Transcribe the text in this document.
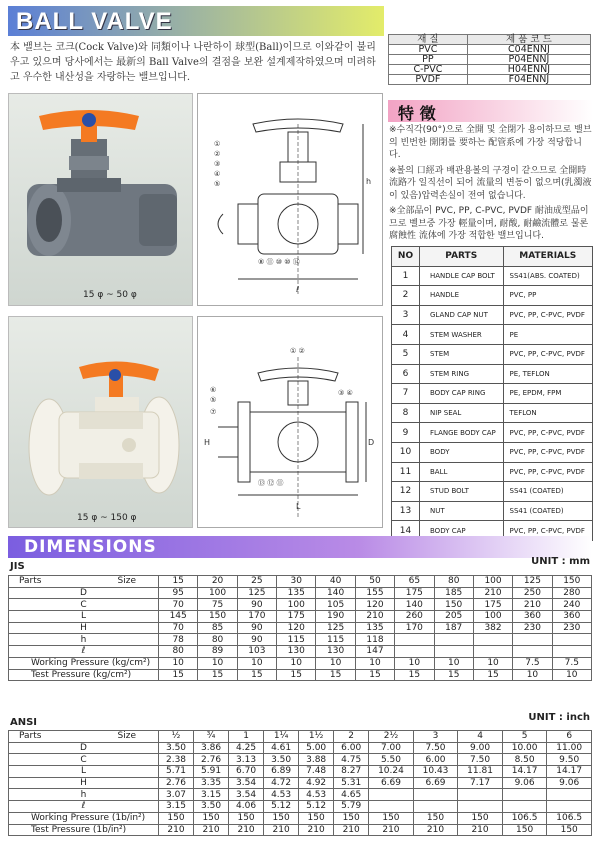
BALL VALVE
本 밸브는 코크(Cock Valve)와 同類이나 나란하이 球型(Ball)이므로 이와같이 불리우고 있으며 당사에서는 最新의 Ball Valve의 결점을 보완 설계제작하였으며 미려하고 우수한 내산성을 자랑하는 밸브입니다.
재 질	제 품 코 드
PVC	C04ENNJ
PP	P04ENNJ
C-PVC	H04ENNJ
PVDF	F04ENNJ
15 φ ~ 50 φ
①
②
③
④
⑤
⑧ ⑪ ⑩ ⑩ ⑭
ℓ
h
15 φ ~ 150 φ
① ②
⑥
⑤
⑦
③ ④
⑬ ⑫ ⑪
H	D
L
特 徵

※수직각(90°)으로 全開 및 全閉가 용이하므로 밸브의 빈번한 開閉를 要하는 配管系에 가장 적당합니다.

※볼의 口經과 배관용볼의 구경이 같으므로 全開時 流路가 일직선이 되어 流量의 변동이 없으며(乳濁液이 있음)압력손실이 전여 없습니다.

※全部品이 PVC, PP, C-PVC, PVDF 耐油成型品이므로 벨브중 가장 輕量이며, 耐酸, 耐鹼流體로 물론 腐蝕性 流体에 가장 적합한 밸브입니다.

NO	PARTS	MATERIALS
1	HANDLE CAP BOLT	SS41(ABS. COATED)
2	HANDLE	PVC, PP
3	GLAND CAP NUT	PVC, PP, C-PVC, PVDF
4	STEM WASHER	PE
5	STEM	PVC, PP, C-PVC, PVDF
6	STEM RING	PE, TEFLON
7	BODY CAP RING	PE, EPDM, FPM
8	NIP SEAL	TEFLON
9	FLANGE BODY CAP	PVC, PP, C-PVC, PVDF
10	BODY	PVC, PP, C-PVC, PVDF
11	BALL	PVC, PP, C-PVC, PVDF
12	STUD BOLT	SS41 (COATED)
13	NUT	SS41 (COATED)
14	BODY CAP	PVC, PP, C-PVC, PVDF
DIMENSIONS
JIS	UNIT : mm
Parts Size	15	20	25	30	40	50	65	80	100	125	150
D	95	100	125	135	140	155	175	185	210	250	280
C	70	75	90	100	105	120	140	150	175	210	240
L	145	150	170	175	190	210	260	205	100	360	360
H	70	85	90	120	125	135	170	187	382	230	230
h	78	80	90	115	115	118					
ℓ	80	89	103	130	130	147					
Working Pressure (kg/cm²)	10	10	10	10	10	10	10	10	10	7.5	7.5
Test Pressure (kg/cm²)	15	15	15	15	15	15	15	15	15	10	10
ANSI	UNIT : inch
Parts Size	½	¾	1	1¼	1½	2	2½	3	4	5	6
D	3.50	3.86	4.25	4.61	5.00	6.00	7.00	7.50	9.00	10.00	11.00
C	2.38	2.76	3.13	3.50	3.88	4.75	5.50	6.00	7.50	8.50	9.50
L	5.71	5.91	6.70	6.89	7.48	8.27	10.24	10.43	11.81	14.17	14.17
H	2.76	3.35	3.54	4.72	4.92	5.31	6.69	6.69	7.17	9.06	9.06
h	3.07	3.15	3.54	4.53	4.53	4.65					
ℓ	3.15	3.50	4.06	5.12	5.12	5.79					
Working Pressure (1b/in²)	150	150	150	150	150	150	150	150	150	106.5	106.5
Test Pressure (1b/in²)	210	210	210	210	210	210	210	210	210	150	150
